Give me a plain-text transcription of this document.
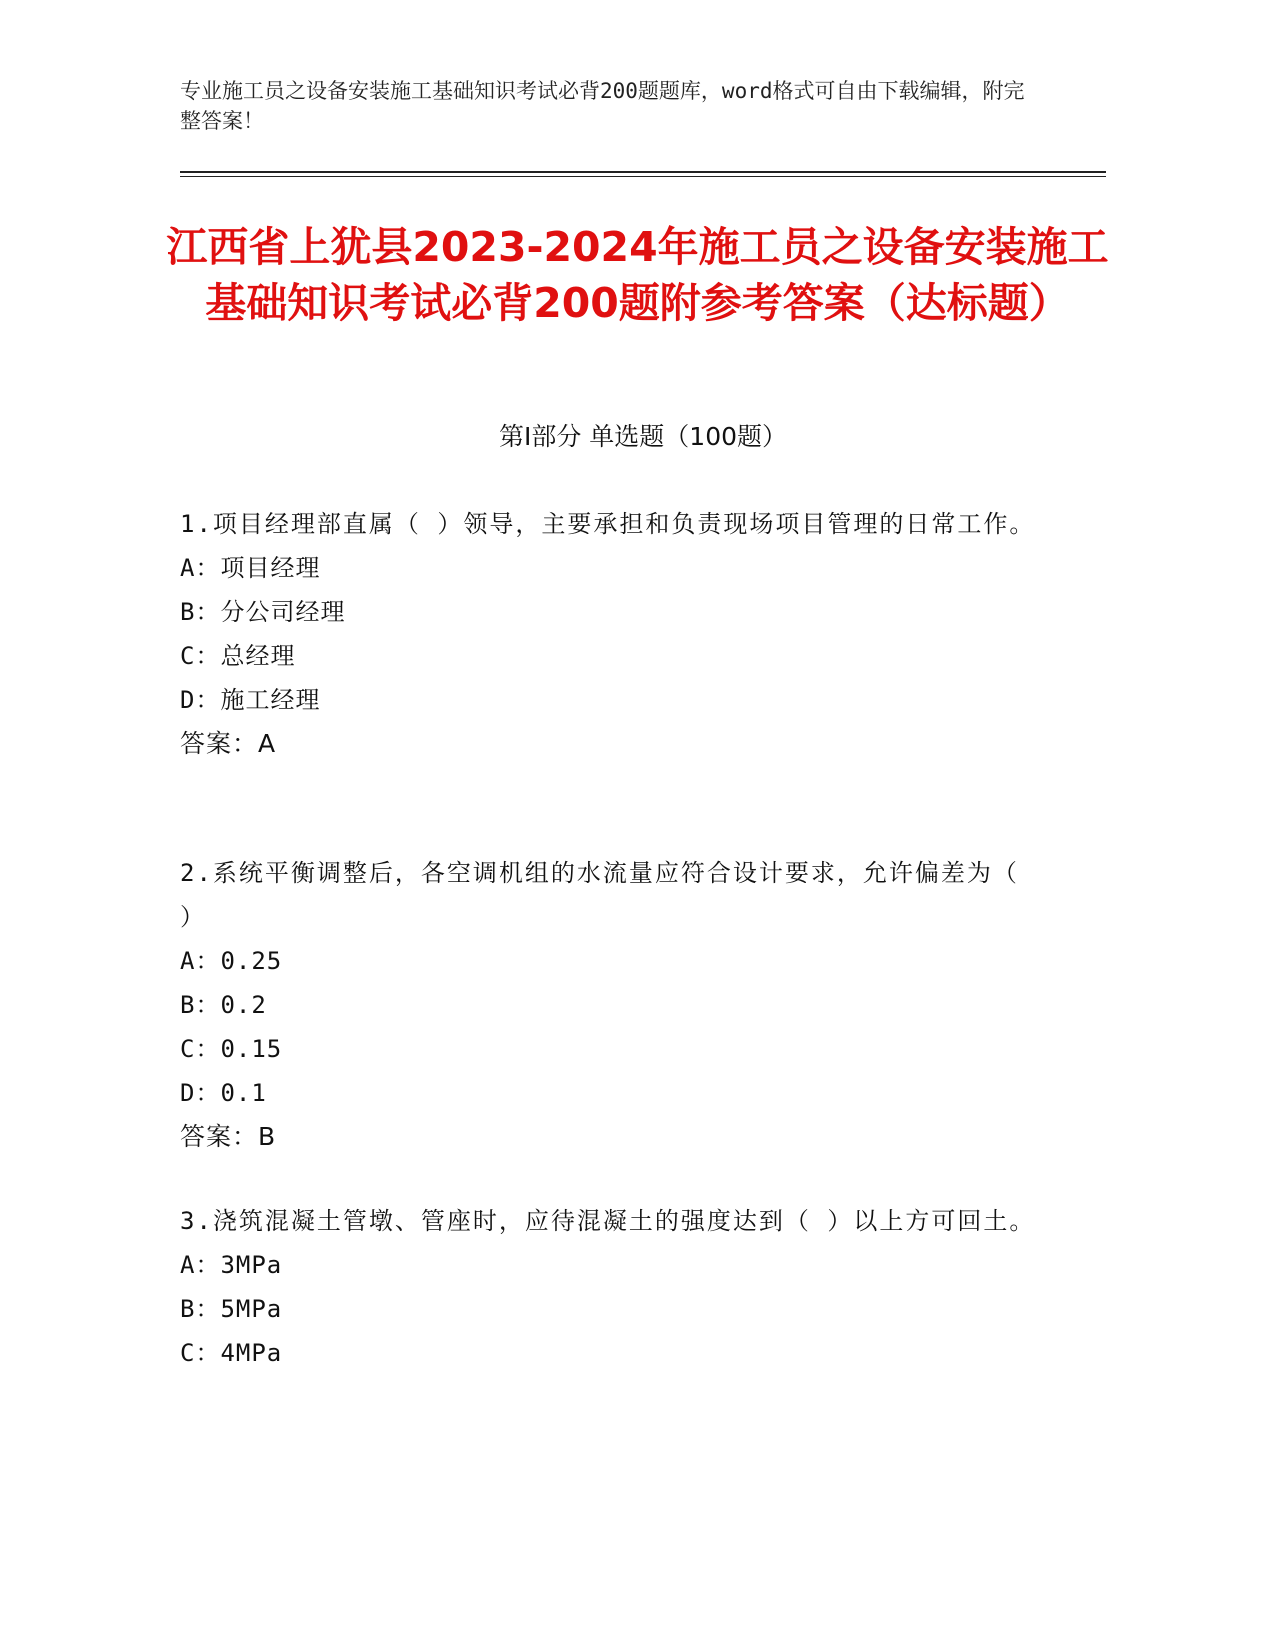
专业施工员之设备安装施工基础知识考试必背200题题库，word格式可自由下载编辑，附完整答案！
江西省上犹县2023-2024年施工员之设备安装施工基础知识考试必背200题附参考答案（达标题）
第Ⅰ部分 单选题（100题）
1.项目经理部直属（ ）领导，主要承担和负责现场项目管理的日常工作。
A：项目经理
B：分公司经理
C：总经理
D：施工经理
答案：A
2.系统平衡调整后，各空调机组的水流量应符合设计要求，允许偏差为（ ）
A：0.25
B：0.2
C：0.15
D：0.1
答案：B
3.浇筑混凝土管墩、管座时，应待混凝土的强度达到（ ）以上方可回土。
A：3MPa
B：5MPa
C：4MPa
